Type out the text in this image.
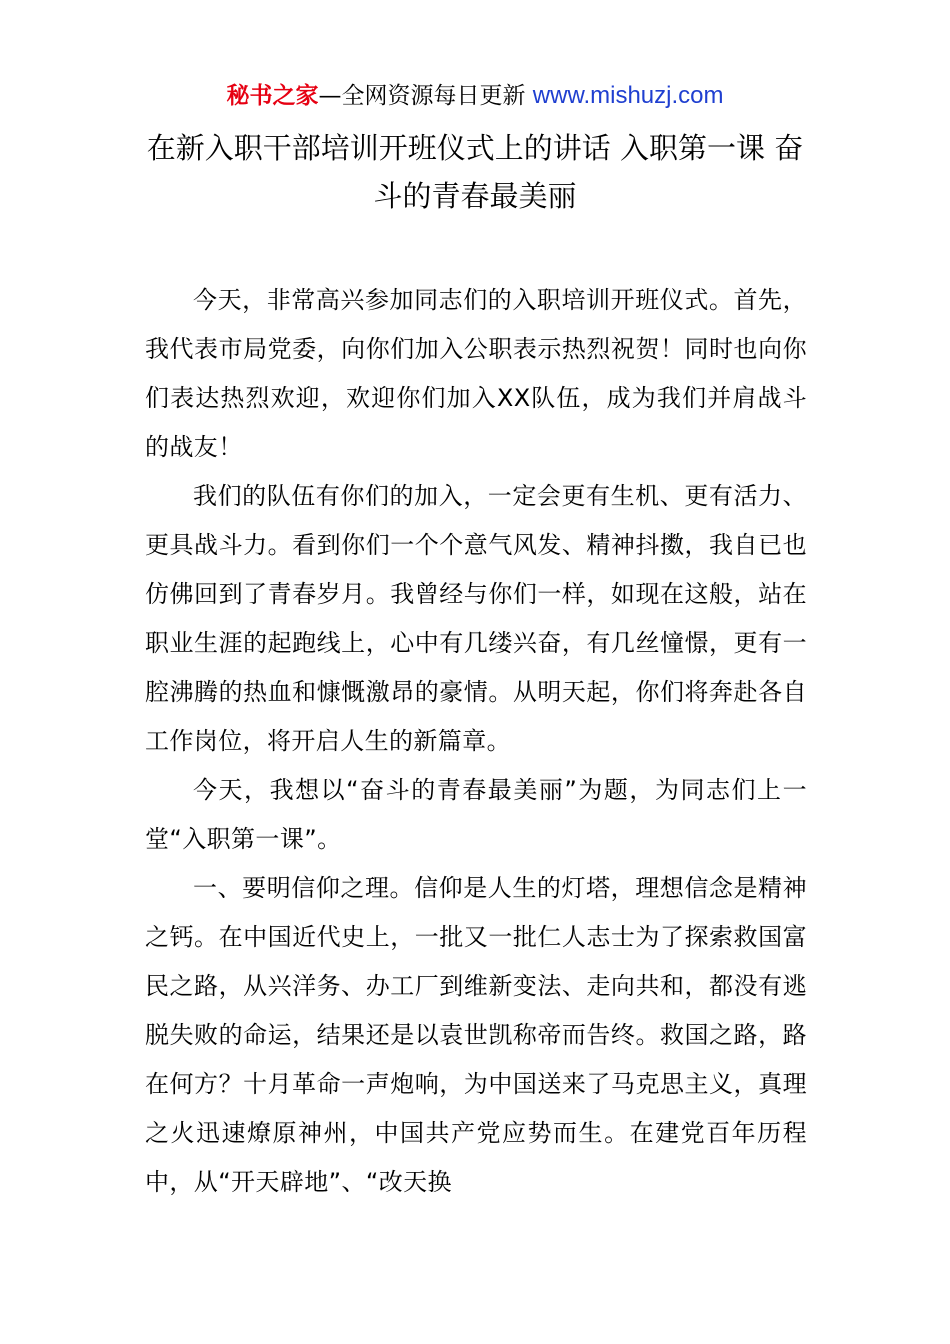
秘书之家—全网资源每日更新 www.mishuzj.com
在新入职干部培训开班仪式上的讲话 入职第一课 奋斗的青春最美丽

今天，非常高兴参加同志们的入职培训开班仪式。首先，我代表市局党委，向你们加入公职表示热烈祝贺！同时也向你们表达热烈欢迎，欢迎你们加入XX队伍，成为我们并肩战斗的战友！

我们的队伍有你们的加入，一定会更有生机、更有活力、更具战斗力。看到你们一个个意气风发、精神抖擞，我自已也仿佛回到了青春岁月。我曾经与你们一样，如现在这般，站在职业生涯的起跑线上，心中有几缕兴奋，有几丝憧憬，更有一腔沸腾的热血和慷慨激昂的豪情。从明天起，你们将奔赴各自工作岗位，将开启人生的新篇章。

今天，我想以“奋斗的青春最美丽”为题，为同志们上一堂“入职第一课”。

一、要明信仰之理。信仰是人生的灯塔，理想信念是精神之钙。在中国近代史上，一批又一批仁人志士为了探索救国富民之路，从兴洋务、办工厂到维新变法、走向共和，都没有逃脱失败的命运，结果还是以袁世凯称帝而告终。救国之路，路在何方？十月革命一声炮响，为中国送来了马克思主义，真理之火迅速燎原神州，中国共产党应势而生。在建党百年历程中，从“开天辟地”、“改天换
